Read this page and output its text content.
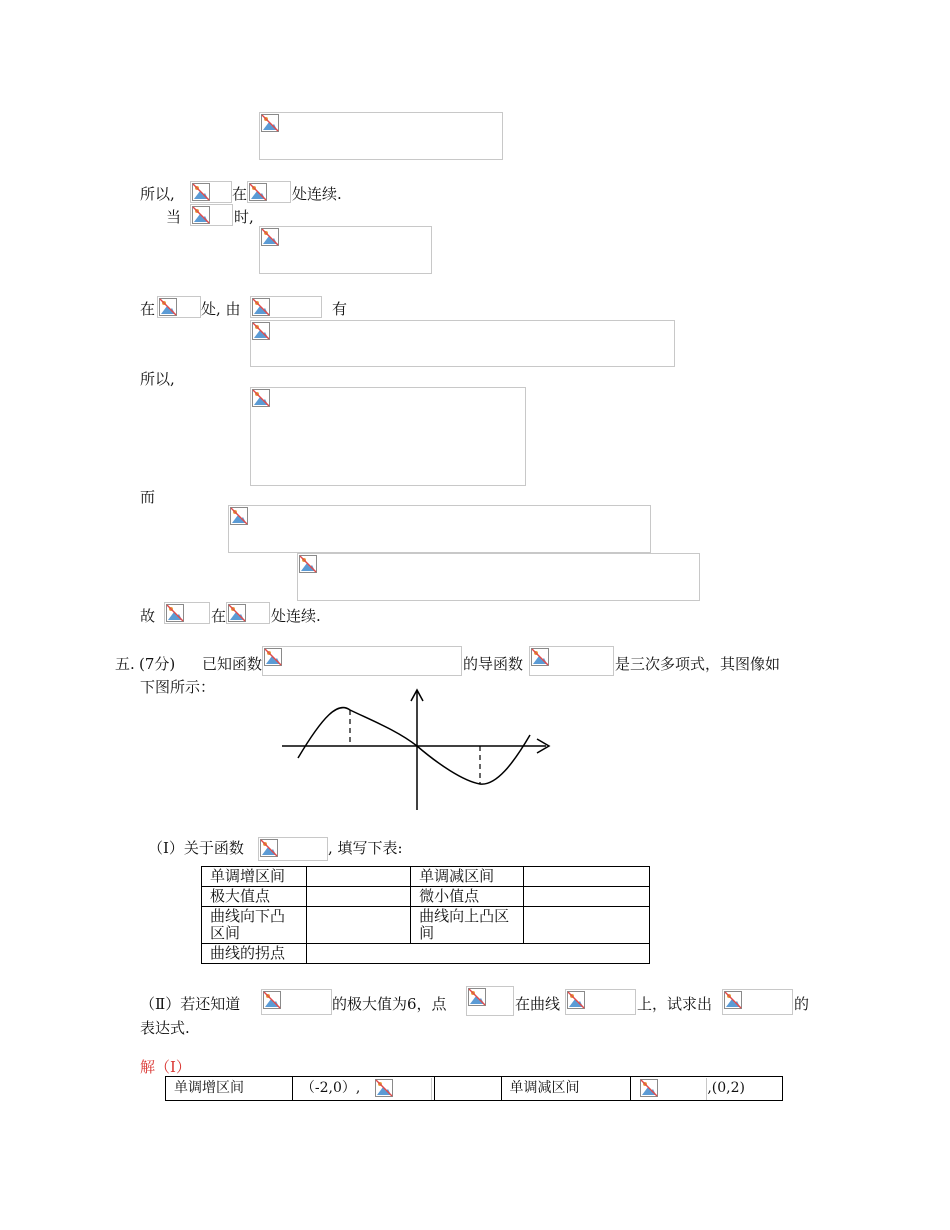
所以,	在	处连续.
当	时,
在	处, 由	有
所以,
而
故	在	处连续.
五. (7分) 已知函数	的导函数	是三次多项式，其图像如
下图所示：
（Ⅰ）关于函数	, 填写下表:
单调增区间		单调减区间	
极大值点		微小值点	
曲线向下凸区间		曲线向上凸区间	
曲线的拐点			
（Ⅱ）若还知道	的极大值为6，点	在曲线	上，试求出	的
表达式.
解（Ⅰ）
单调增区间	（-2,0）,			单调减区间	,(0,2)
